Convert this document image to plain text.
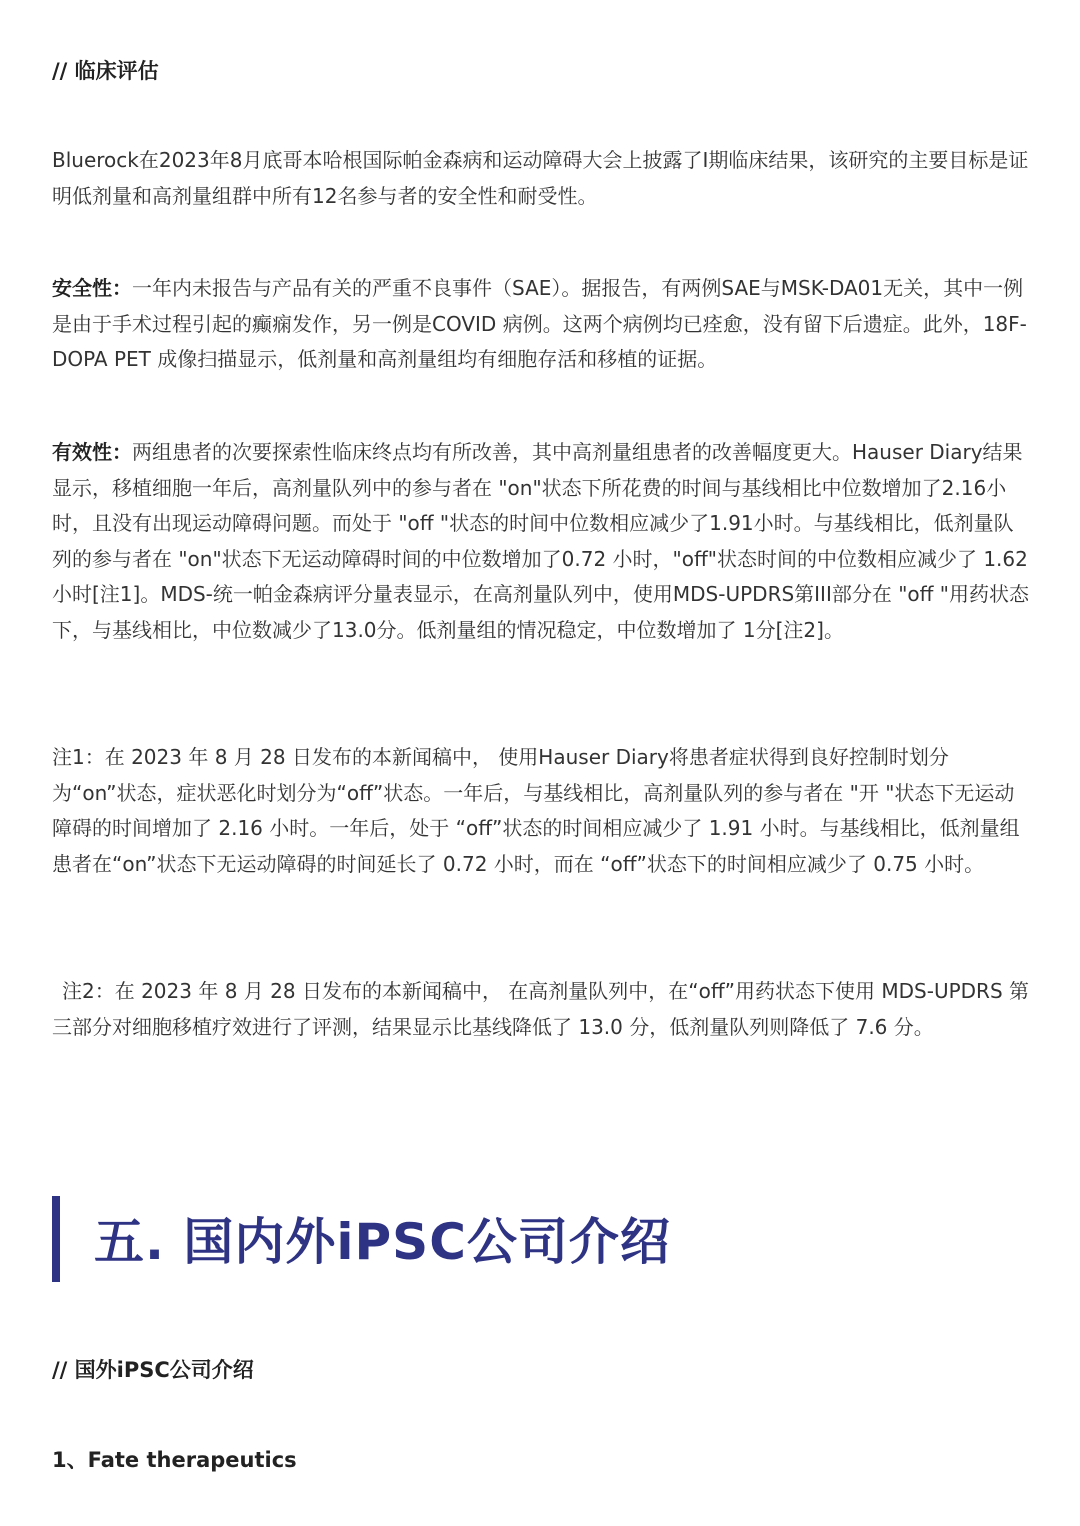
// 临床评估

Bluerock在2023年8月底哥本哈根国际帕金森病和运动障碍大会上披露了I期临床结果，该研究的主要目标是证明低剂量和高剂量组群中所有12名参与者的安全性和耐受性。

安全性：一年内未报告与产品有关的严重不良事件（SAE）。据报告，有两例SAE与MSK-DA01无关，其中一例是由于手术过程引起的癫痫发作，另一例是COVID 病例。这两个病例均已痊愈，没有留下后遗症。此外，18F-DOPA PET 成像扫描显示，低剂量和高剂量组均有细胞存活和移植的证据。

有效性：两组患者的次要探索性临床终点均有所改善，其中高剂量组患者的改善幅度更大。Hauser Diary结果显示，移植细胞一年后，高剂量队列中的参与者在 "on"状态下所花费的时间与基线相比中位数增加了2.16小时，且没有出现运动障碍问题。而处于 "off "状态的时间中位数相应减少了1.91小时。与基线相比，低剂量队列的参与者在 "on"状态下无运动障碍时间的中位数增加了0.72 小时，"off"状态时间的中位数相应减少了 1.62 小时[注1]。MDS-统一帕金森病评分量表显示，在高剂量队列中，使用MDS-UPDRS第III部分在 "off "用药状态下，与基线相比，中位数减少了13.0分。低剂量组的情况稳定，中位数增加了 1分[注2]。

注1：在 2023 年 8 月 28 日发布的本新闻稿中， 使用Hauser Diary将患者症状得到良好控制时划分为“on”状态，症状恶化时划分为“off”状态。一年后，与基线相比，高剂量队列的参与者在 "开 "状态下无运动障碍的时间增加了 2.16 小时。一年后，处于 “off”状态的时间相应减少了 1.91 小时。与基线相比，低剂量组患者在“on”状态下无运动障碍的时间延长了 0.72 小时，而在 “off”状态下的时间相应减少了 0.75 小时。

注2：在 2023 年 8 月 28 日发布的本新闻稿中， 在高剂量队列中，在“off”用药状态下使用 MDS-UPDRS 第三部分对细胞移植疗效进行了评测，结果显示比基线降低了 13.0 分，低剂量队列则降低了 7.6 分。

五. 国内外iPSC公司介绍
// 国外iPSC公司介绍
1、Fate therapeutics
